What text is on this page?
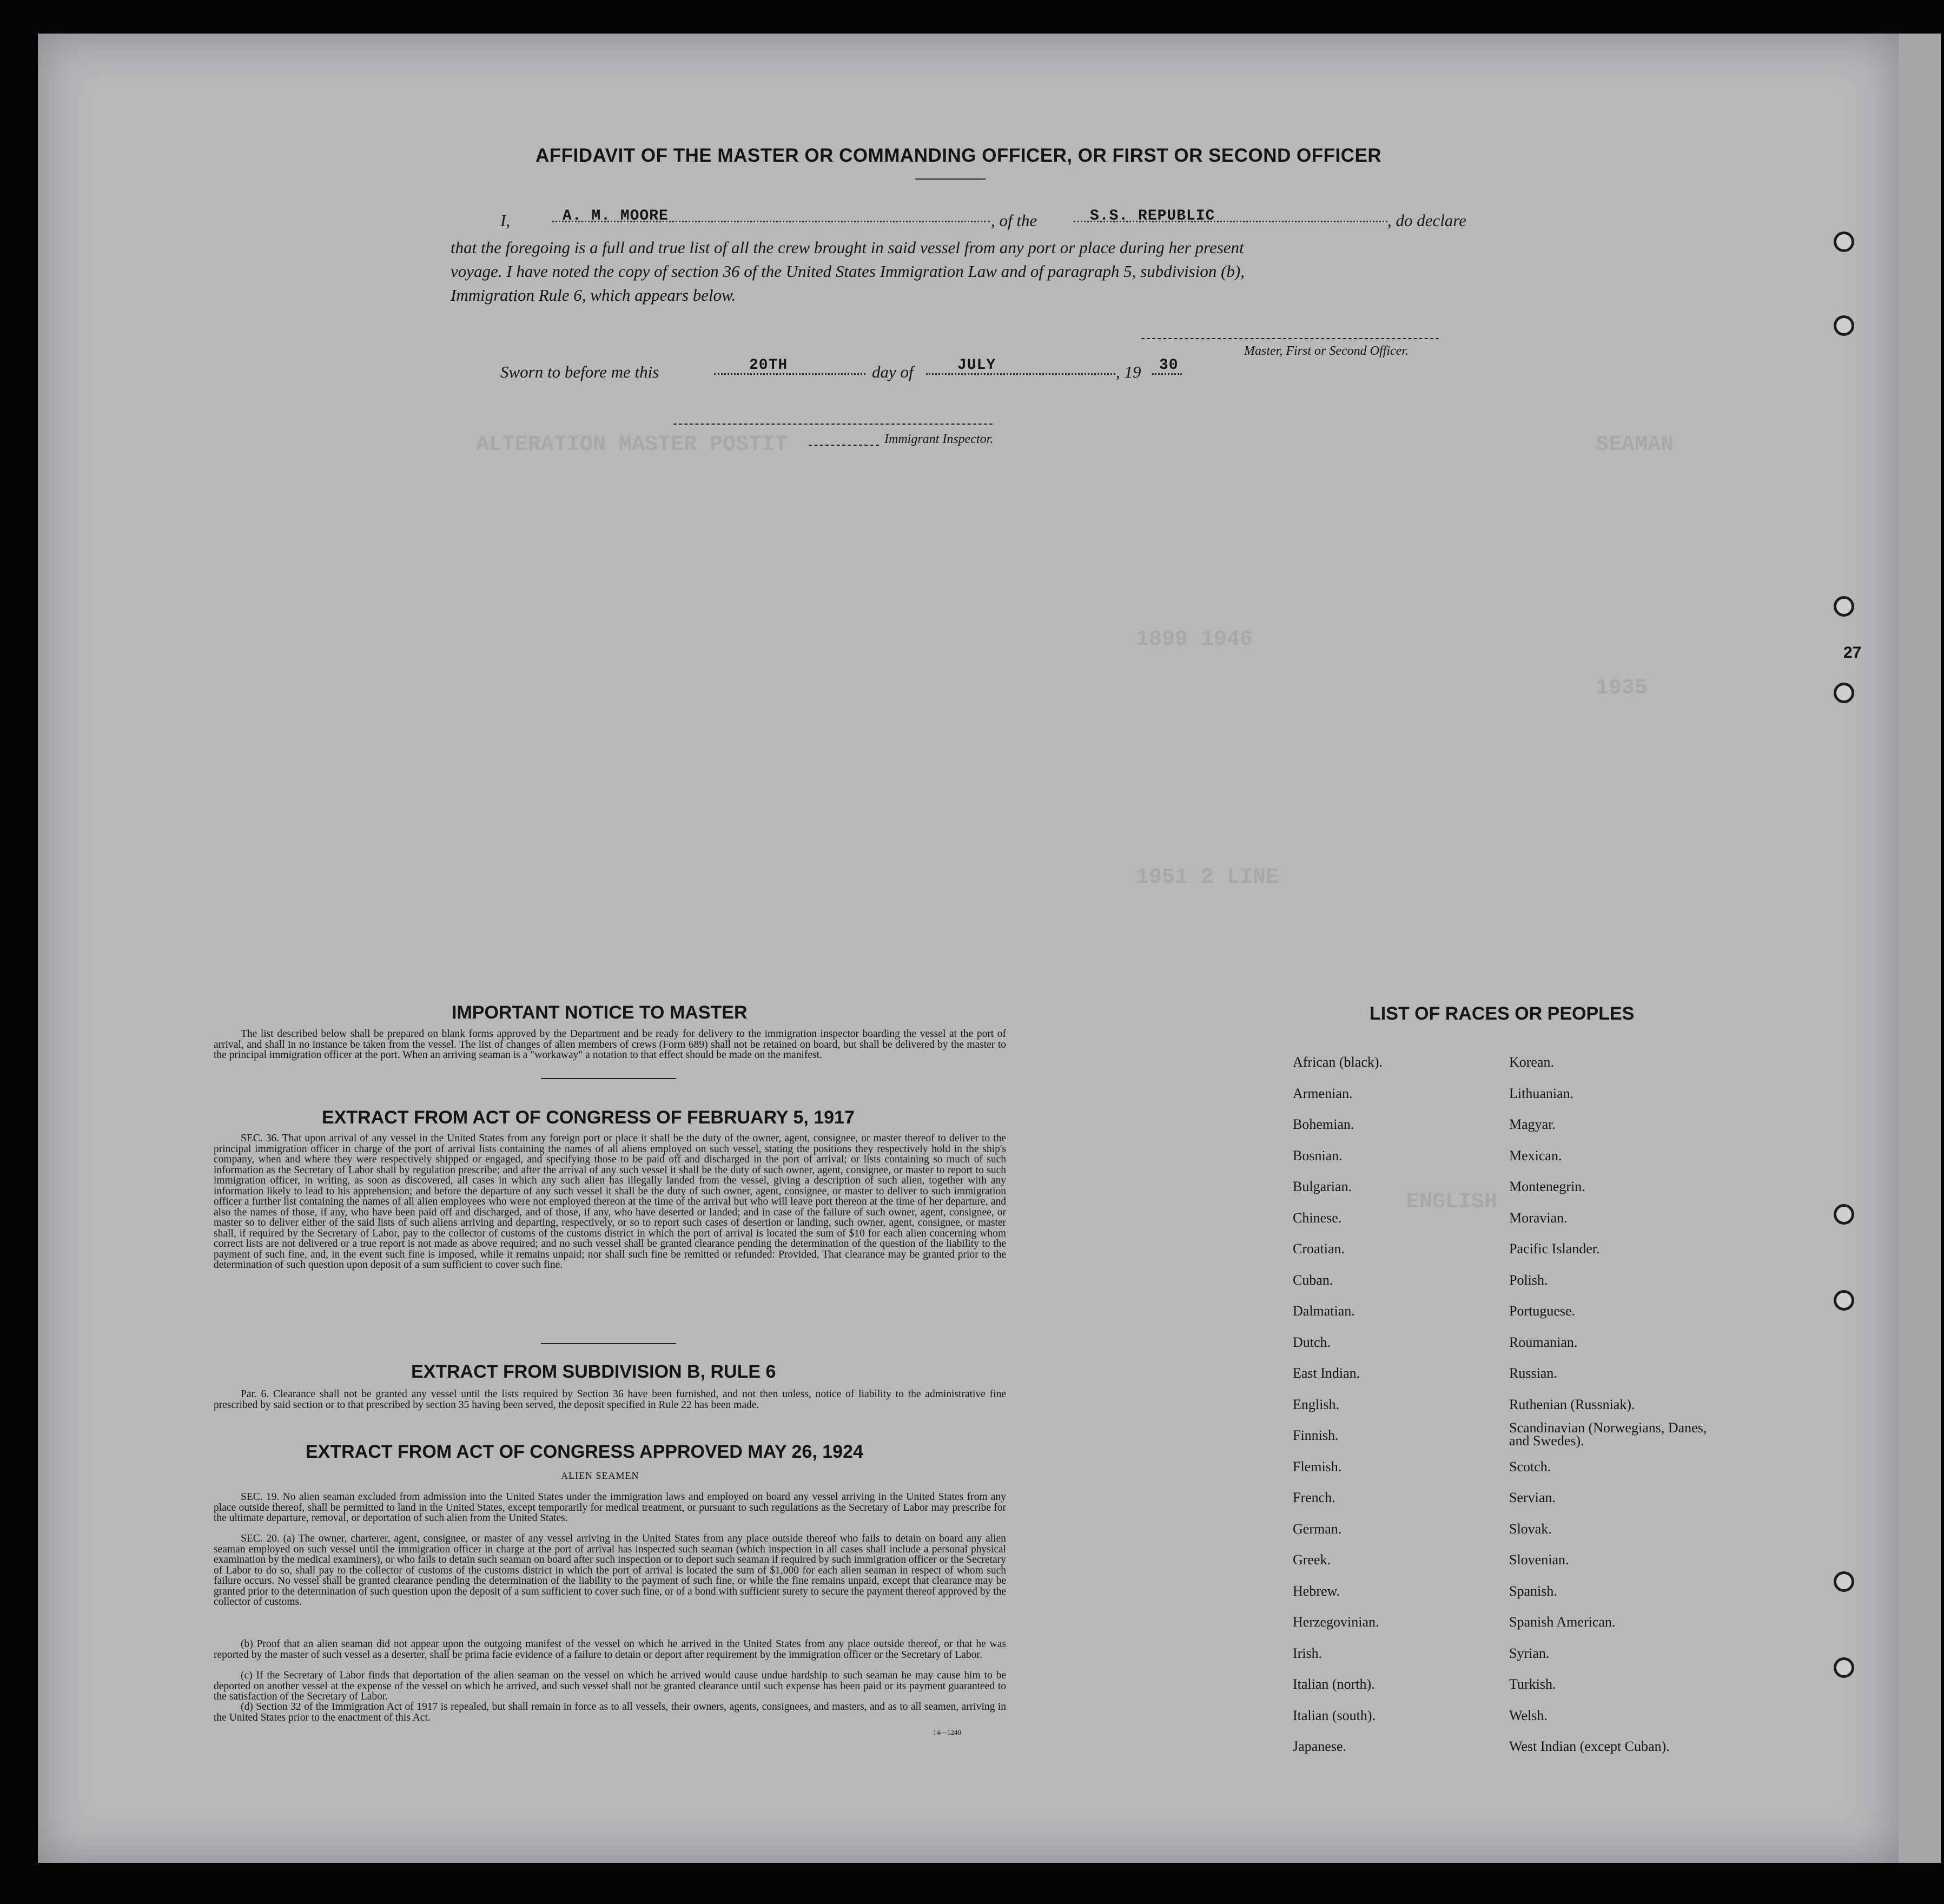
ALTERATION MASTER POSTIT	SEAMAN
1899 1946
1935
1951 2 LINE
ENGLISH
27
AFFIDAVIT OF THE MASTER OR COMMANDING OFFICER, OR FIRST OR SECOND OFFICER
I,	A. M. MOORE	, of the	S.S. REPUBLIC	, do declare
that the foregoing is a full and true list of all the crew brought in said vessel from any port or place during her present
voyage. I have noted the copy of section 36 of the United States Immigration Law and of paragraph 5, subdivision (b),
Immigration Rule 6, which appears below.
Master, First or Second Officer.
Sworn to before me this	20TH	day of	JULY	, 19 30
Immigrant Inspector.
IMPORTANT NOTICE TO MASTER
The list described below shall be prepared on blank forms approved by the Department and be ready for delivery to the immigration inspector boarding the vessel at the port of arrival, and shall in no instance be taken from the vessel. The list of changes of alien members of crews (Form 689) shall not be retained on board, but shall be delivered by the master to the principal immigration officer at the port. When an arriving seaman is a "workaway" a notation to that effect should be made on the manifest.
EXTRACT FROM ACT OF CONGRESS OF FEBRUARY 5, 1917
SEC. 36. That upon arrival of any vessel in the United States from any foreign port or place it shall be the duty of the owner, agent, consignee, or master thereof to deliver to the principal immigration officer in charge of the port of arrival lists containing the names of all aliens employed on such vessel, stating the positions they respectively hold in the ship's company, when and where they were respectively shipped or engaged, and specifying those to be paid off and discharged in the port of arrival; or lists containing so much of such information as the Secretary of Labor shall by regulation prescribe; and after the arrival of any such vessel it shall be the duty of such owner, agent, consignee, or master to report to such immigration officer, in writing, as soon as discovered, all cases in which any such alien has illegally landed from the vessel, giving a description of such alien, together with any information likely to lead to his apprehension; and before the departure of any such vessel it shall be the duty of such owner, agent, consignee, or master to deliver to such immigration officer a further list containing the names of all alien employees who were not employed thereon at the time of the arrival but who will leave port thereon at the time of her departure, and also the names of those, if any, who have been paid off and discharged, and of those, if any, who have deserted or landed; and in case of the failure of such owner, agent, consignee, or master so to deliver either of the said lists of such aliens arriving and departing, respectively, or so to report such cases of desertion or landing, such owner, agent, consignee, or master shall, if required by the Secretary of Labor, pay to the collector of customs of the customs district in which the port of arrival is located the sum of $10 for each alien concerning whom correct lists are not delivered or a true report is not made as above required; and no such vessel shall be granted clearance pending the determination of the question of the liability to the payment of such fine, and, in the event such fine is imposed, while it remains unpaid; nor shall such fine be remitted or refunded: Provided, That clearance may be granted prior to the determination of such question upon deposit of a sum sufficient to cover such fine.
EXTRACT FROM SUBDIVISION B, RULE 6
Par. 6. Clearance shall not be granted any vessel until the lists required by Section 36 have been furnished, and not then unless, notice of liability to the administrative fine prescribed by said section or to that prescribed by section 35 having been served, the deposit specified in Rule 22 has been made.
EXTRACT FROM ACT OF CONGRESS APPROVED MAY 26, 1924
ALIEN SEAMEN
SEC. 19. No alien seaman excluded from admission into the United States under the immigration laws and employed on board any vessel arriving in the United States from any place outside thereof, shall be permitted to land in the United States, except temporarily for medical treatment, or pursuant to such regulations as the Secretary of Labor may prescribe for the ultimate departure, removal, or deportation of such alien from the United States.
SEC. 20. (a) The owner, charterer, agent, consignee, or master of any vessel arriving in the United States from any place outside thereof who fails to detain on board any alien seaman employed on such vessel until the immigration officer in charge at the port of arrival has inspected such seaman (which inspection in all cases shall include a personal physical examination by the medical examiners), or who fails to detain such seaman on board after such inspection or to deport such seaman if required by such immigration officer or the Secretary of Labor to do so, shall pay to the collector of customs of the customs district in which the port of arrival is located the sum of $1,000 for each alien seaman in respect of whom such failure occurs. No vessel shall be granted clearance pending the determination of the liability to the payment of such fine, or while the fine remains unpaid, except that clearance may be granted prior to the determination of such question upon the deposit of a sum sufficient to cover such fine, or of a bond with sufficient surety to secure the payment thereof approved by the collector of customs.
(b) Proof that an alien seaman did not appear upon the outgoing manifest of the vessel on which he arrived in the United States from any place outside thereof, or that he was reported by the master of such vessel as a deserter, shall be prima facie evidence of a failure to detain or deport after requirement by the immigration officer or the Secretary of Labor.
(c) If the Secretary of Labor finds that deportation of the alien seaman on the vessel on which he arrived would cause undue hardship to such seaman he may cause him to be deported on another vessel at the expense of the vessel on which he arrived, and such vessel shall not be granted clearance until such expense has been paid or its payment guaranteed to the satisfaction of the Secretary of Labor.
(d) Section 32 of the Immigration Act of 1917 is repealed, but shall remain in force as to all vessels, their owners, agents, consignees, and masters, and as to all seamen, arriving in the United States prior to the enactment of this Act.
14—1240
LIST OF RACES OR PEOPLES
African (black).
Armenian.
Bohemian.
Bosnian.
Bulgarian.
Chinese.
Croatian.
Cuban.
Dalmatian.
Dutch.
East Indian.
English.
Finnish.
Flemish.
French.
German.
Greek.
Hebrew.
Herzegovinian.
Irish.
Italian (north).
Italian (south).
Japanese.
Korean.
Lithuanian.
Magyar.
Mexican.
Montenegrin.
Moravian.
Pacific Islander.
Polish.
Portuguese.
Roumanian.
Russian.
Ruthenian (Russniak).
Scandinavian (Norwegians, Danes, and Swedes).
Scotch.
Servian.
Slovak.
Slovenian.
Spanish.
Spanish American.
Syrian.
Turkish.
Welsh.
West Indian (except Cuban).
